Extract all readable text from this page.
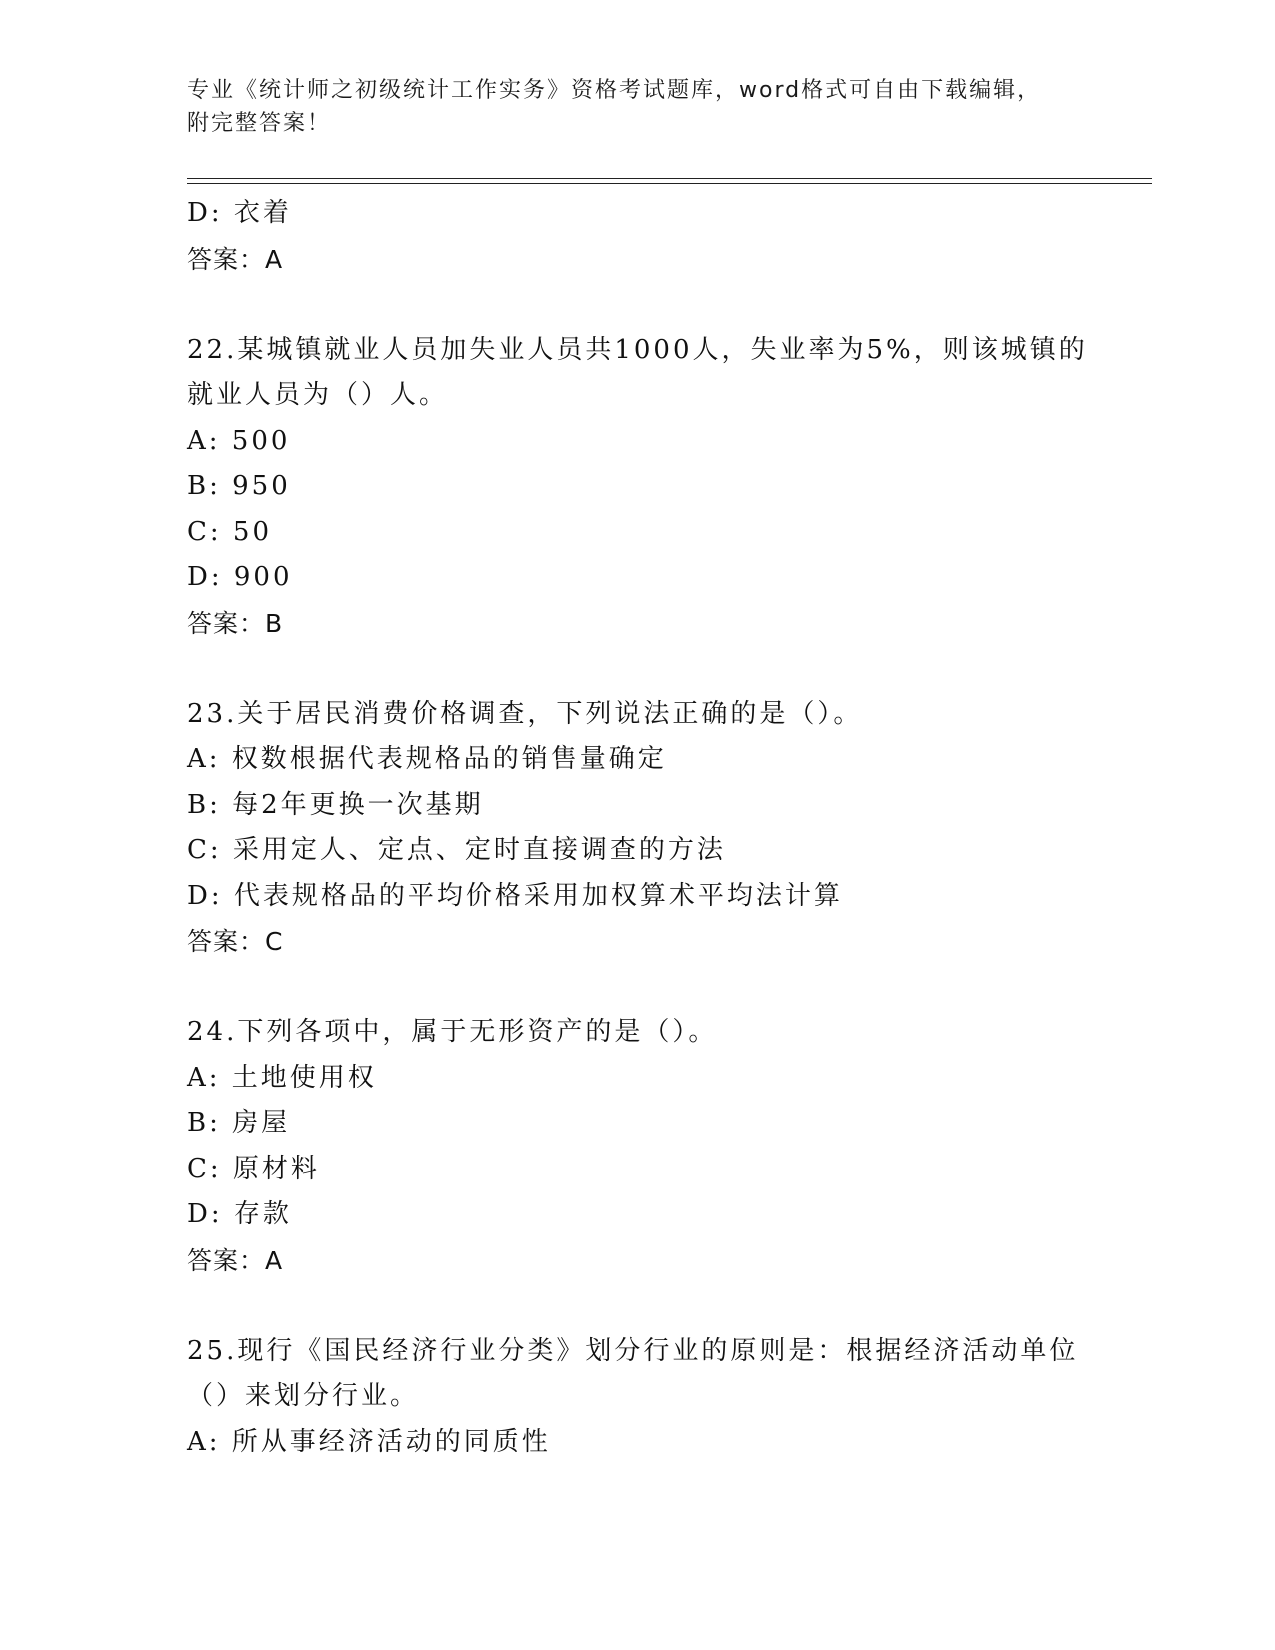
专业《统计师之初级统计工作实务》资格考试题库，word格式可自由下载编辑，
附完整答案！
D: 衣着
答案：A
22.某城镇就业人员加失业人员共1000人，失业率为5%，则该城镇的
就业人员为（）人。
A: 500
B: 950
C: 50
D: 900
答案：B
23.关于居民消费价格调查，下列说法正确的是（）。
A: 权数根据代表规格品的销售量确定
B: 每2年更换一次基期
C: 采用定人、定点、定时直接调查的方法
D: 代表规格品的平均价格采用加权算术平均法计算
答案：C
24.下列各项中，属于无形资产的是（）。
A: 土地使用权
B: 房屋
C: 原材料
D: 存款
答案：A
25.现行《国民经济行业分类》划分行业的原则是：根据经济活动单位
（）来划分行业。
A: 所从事经济活动的同质性
